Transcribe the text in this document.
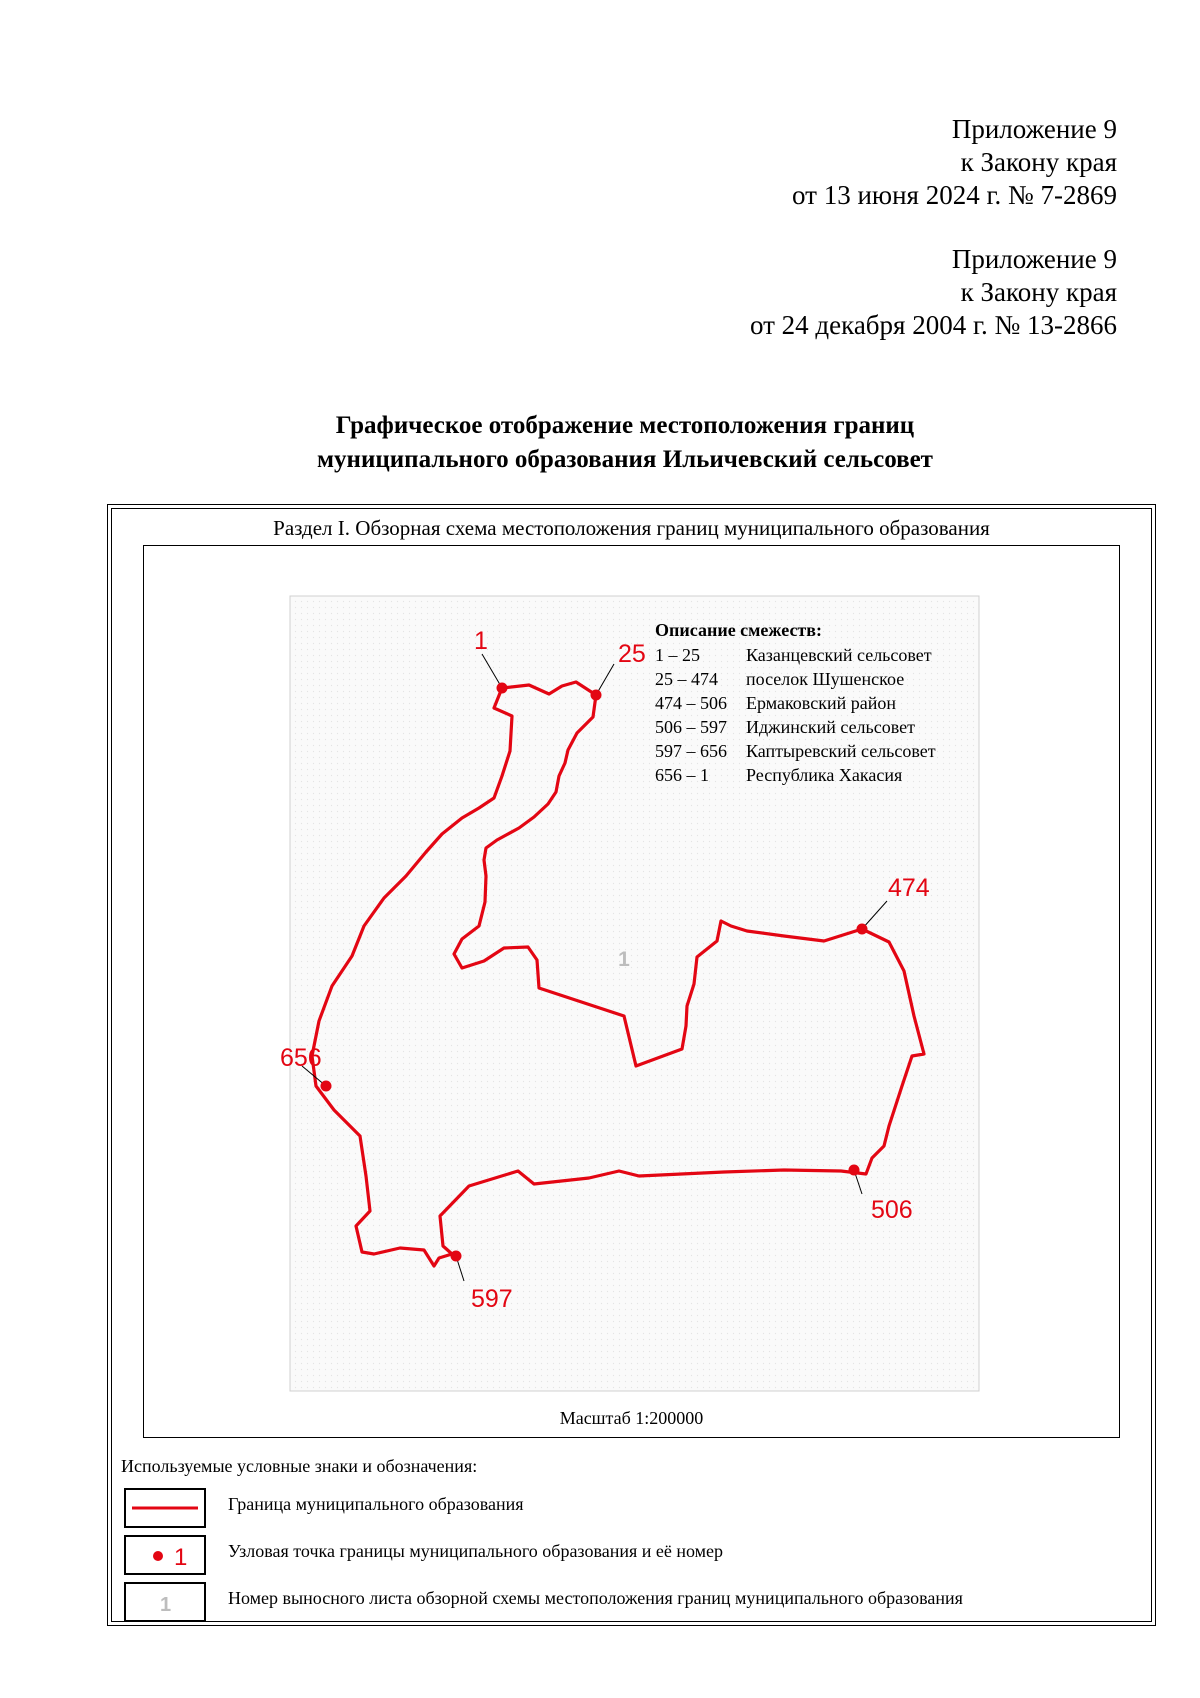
Приложение 9
к Закону края
от 13 июня 2024 г. № 7-2869
Приложение 9
к Закону края
от 24 декабря 2004 г. № 13-2866
Графическое отображение местоположения границ
муниципального образования Ильичевский сельсовет
Раздел I. Обзорная схема местоположения границ муниципального образования
1	25
474
506
597
656
1
Описание смежеств:
1 – 25	Казанцевский сельсовет
25 – 474 поселок Шушенское
474 – 506 Ермаковский район
506 – 597 Иджинский сельсовет
597 – 656 Каптыревский сельсовет
656 – 1 Республика Хакасия
Масштаб 1:200000
Используемые условные знаки и обозначения:
Граница муниципального образования
1 Узловая точка границы муниципального образования и её номер
1	Номер выносного листа обзорной схемы местоположения границ муниципального образования
